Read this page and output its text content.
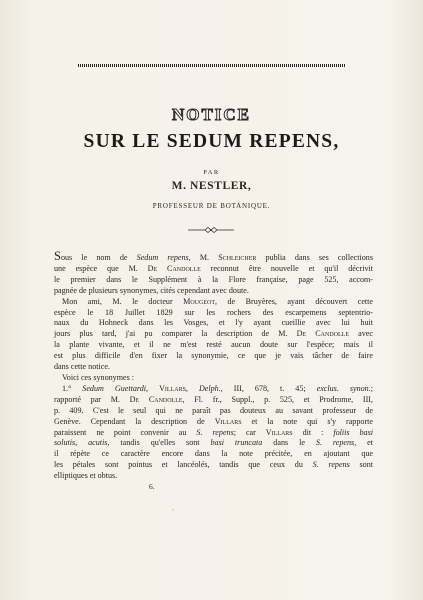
NOTICE
SUR LE SEDUM REPENS,
PAR
M. NESTLER,
PROFESSEUR DE BOTANIQUE.
Sous le nom de Sedum repens, M. Schleicher publia dans ses collections
une espèce que M. De Candolle reconnut être nouvelle et qu'il décrivit
le premier dans le Supplément à la Flore française, page 525, accom-
pagnée de plusieurs synonymes, cités cependant avec doute.
Mon ami, M. le docteur Mougeot, de Bruyères, ayant découvert cette
espèce le 18 Juillet 1829 sur les rochers des escarpemens septentrio-
naux du Hohneck dans les Vosges, et l'y ayant cueillie avec lui huit
jours plus tard, j'ai pu comparer la description de M. De Candolle avec
la plante vivante, et il ne m'est resté aucun doute sur l'espèce; mais il
est plus difficile d'en fixer la synonymie, ce que je vais tâcher de faire
dans cette notice.
Voici ces synonymes :
1.° Sedum Guettardi, Villars, Delph., III, 678, t. 45; exclus. synon.;
rapporté par M. De Candolle, Fl. fr., Suppl., p. 525, et Prodrome, III,
p. 409. C'est le seul qui ne paraît pas douteux au savant professeur de
Genève. Cependant la description de Villars et la note qui s'y rapporte
paraissent ne point convenir au S. repens; car Villars dit : foliis basi
solutis, acutis, tandis qu'elles sont basi truncata dans le S. repens, et
il répète ce caractère encore dans la note précitée, en ajoutant que
les pétales sont pointus et lancéolés, tandis que ceux du S. repens sont
elliptiques et obtus.
6.
ʼ
